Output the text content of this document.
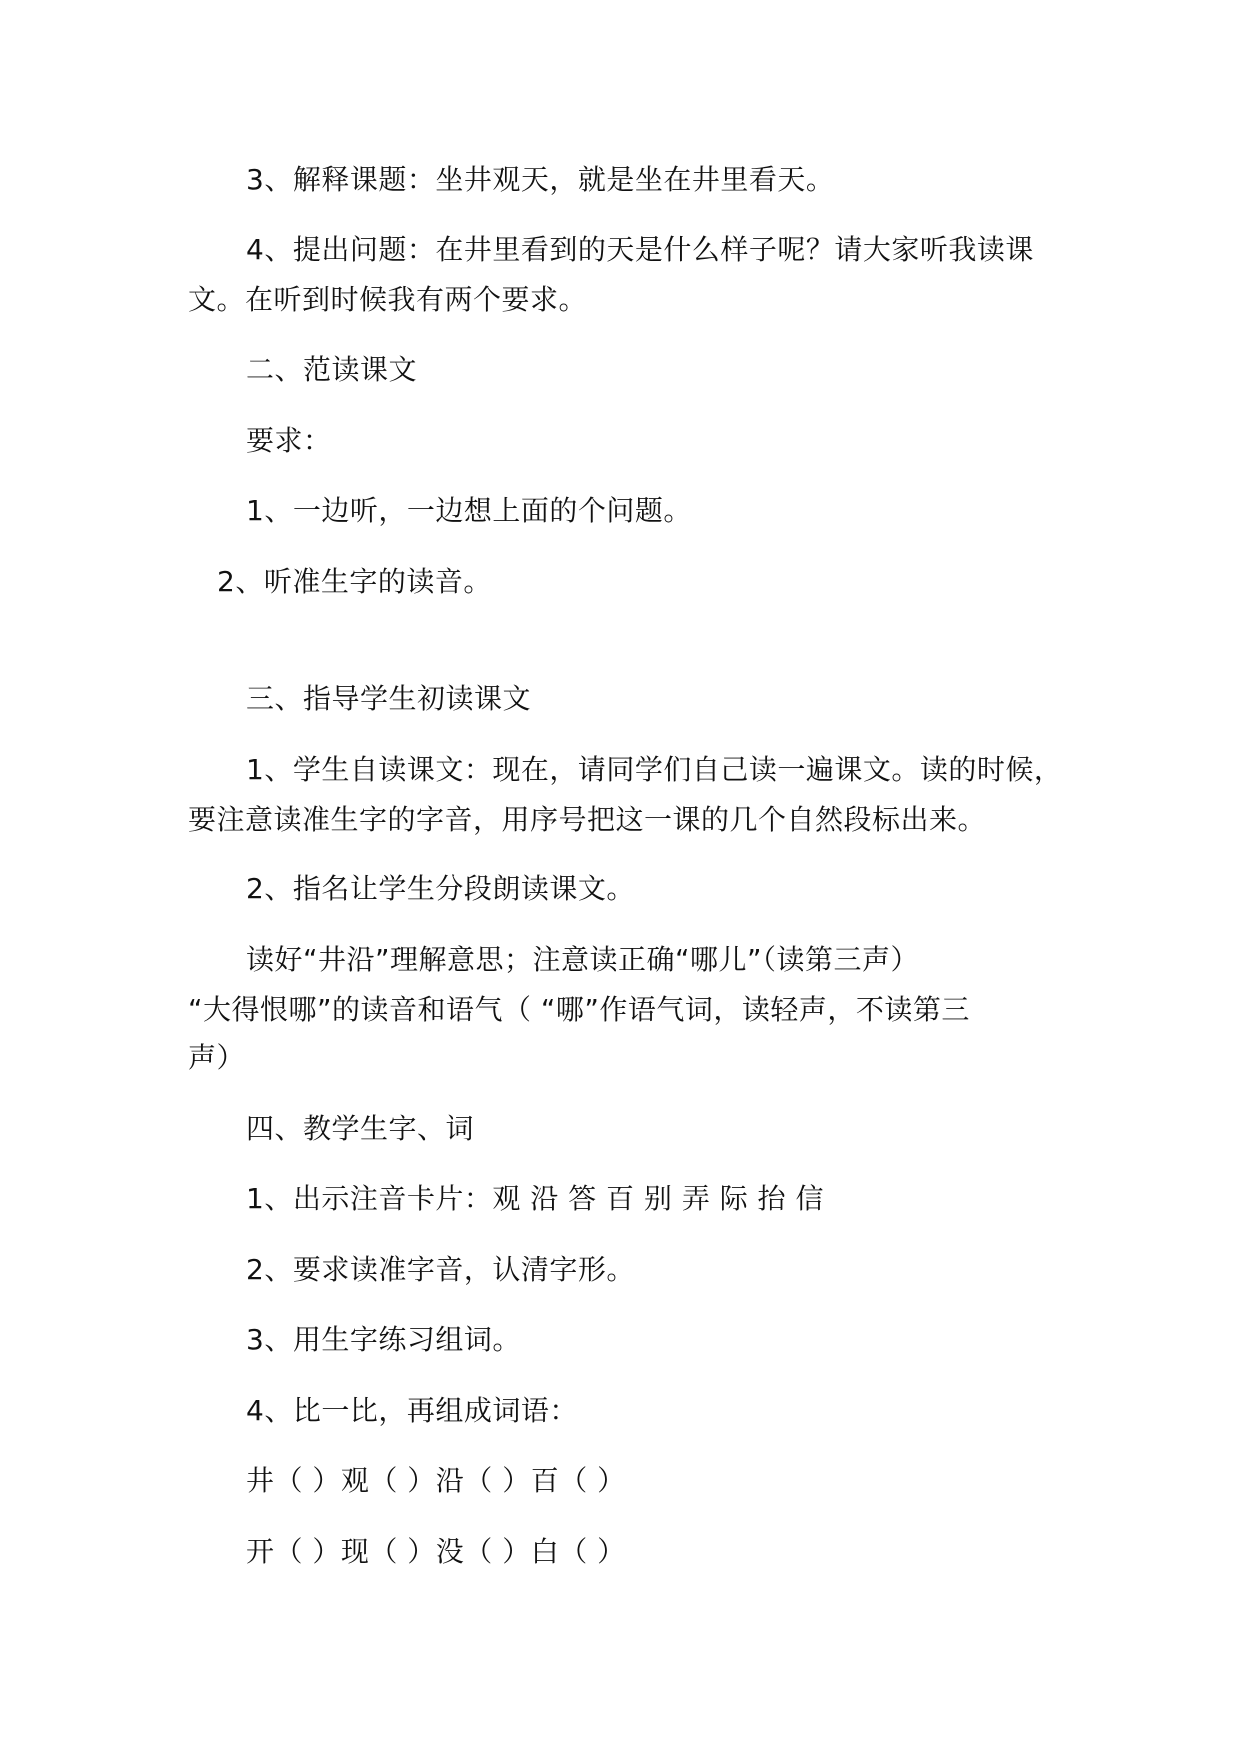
3、解释课题：坐井观天，就是坐在井里看天。
4、提出问题：在井里看到的天是什么样子呢？请大家听我读课
文。在听到时候我有两个要求。
二、范读课文
要求：
1、一边听，一边想上面的个问题。
2、听准生字的读音。
三、指导学生初读课文
1、学生自读课文：现在，请同学们自己读一遍课文。读的时候，
要注意读准生字的字音，用序号把这一课的几个自然段标出来。
2、指名让学生分段朗读课文。
读好“井沿”理解意思；注意读正确“哪儿”（读第三声）
“大得恨哪”的读音和语气（ “哪”作语气词，读轻声，不读第三
声）
四、教学生字、词
1、出示注音卡片：观 沿 答 百 别 弄 际 抬 信
2、要求读准字音，认清字形。
3、用生字练习组词。
4、比一比，再组成词语：
井（ ）观（ ）沿（ ）百（ ）
开（ ）现（ ）没（ ）白（ ）
